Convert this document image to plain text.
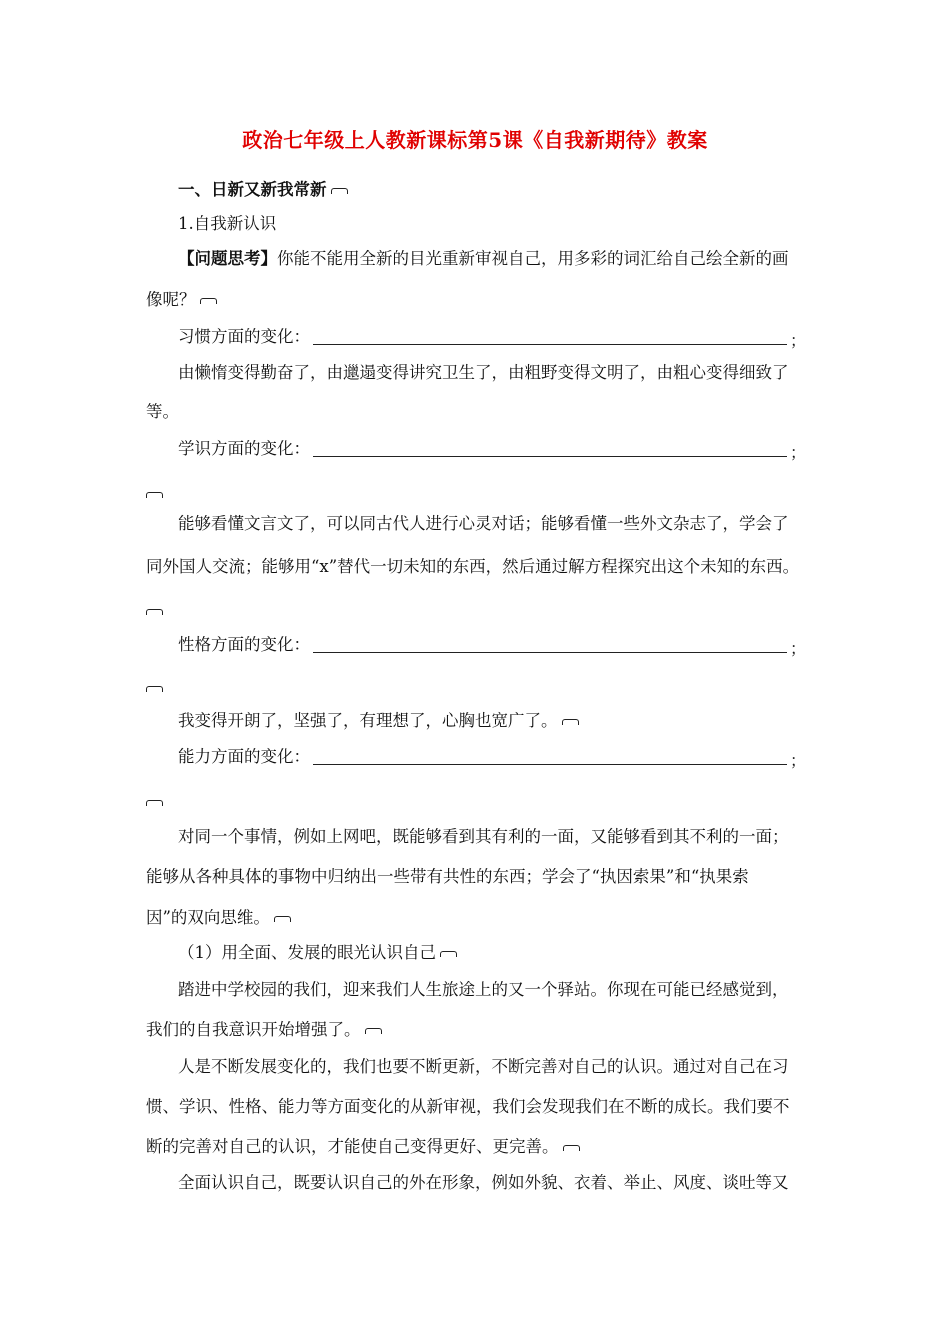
政治七年级上人教新课标第5课《自我新期待》教案
一、日新又新我常新
1.自我新认识
【问题思考】你能不能用全新的目光重新审视自己，用多彩的词汇给自己绘全新的画
像呢？
习惯方面的变化：	；
由懒惰变得勤奋了，由邋遢变得讲究卫生了，由粗野变得文明了，由粗心变得细致了
等。
学识方面的变化：	；
能够看懂文言文了，可以同古代人进行心灵对话；能够看懂一些外文杂志了，学会了
同外国人交流；能够用“x”替代一切未知的东西，然后通过解方程探究出这个未知的东西。
性格方面的变化：	；
我变得开朗了，坚强了，有理想了，心胸也宽广了。
能力方面的变化：	；
对同一个事情，例如上网吧，既能够看到其有利的一面，又能够看到其不利的一面；
能够从各种具体的事物中归纳出一些带有共性的东西；学会了“执因索果”和“执果索
因”的双向思维。
（1）用全面、发展的眼光认识自己
踏进中学校园的我们，迎来我们人生旅途上的又一个驿站。你现在可能已经感觉到，
我们的自我意识开始增强了。
人是不断发展变化的，我们也要不断更新，不断完善对自己的认识。通过对自己在习
惯、学识、性格、能力等方面变化的从新审视，我们会发现我们在不断的成长。我们要不
断的完善对自己的认识，才能使自己变得更好、更完善。
全面认识自己，既要认识自己的外在形象，例如外貌、衣着、举止、风度、谈吐等又
